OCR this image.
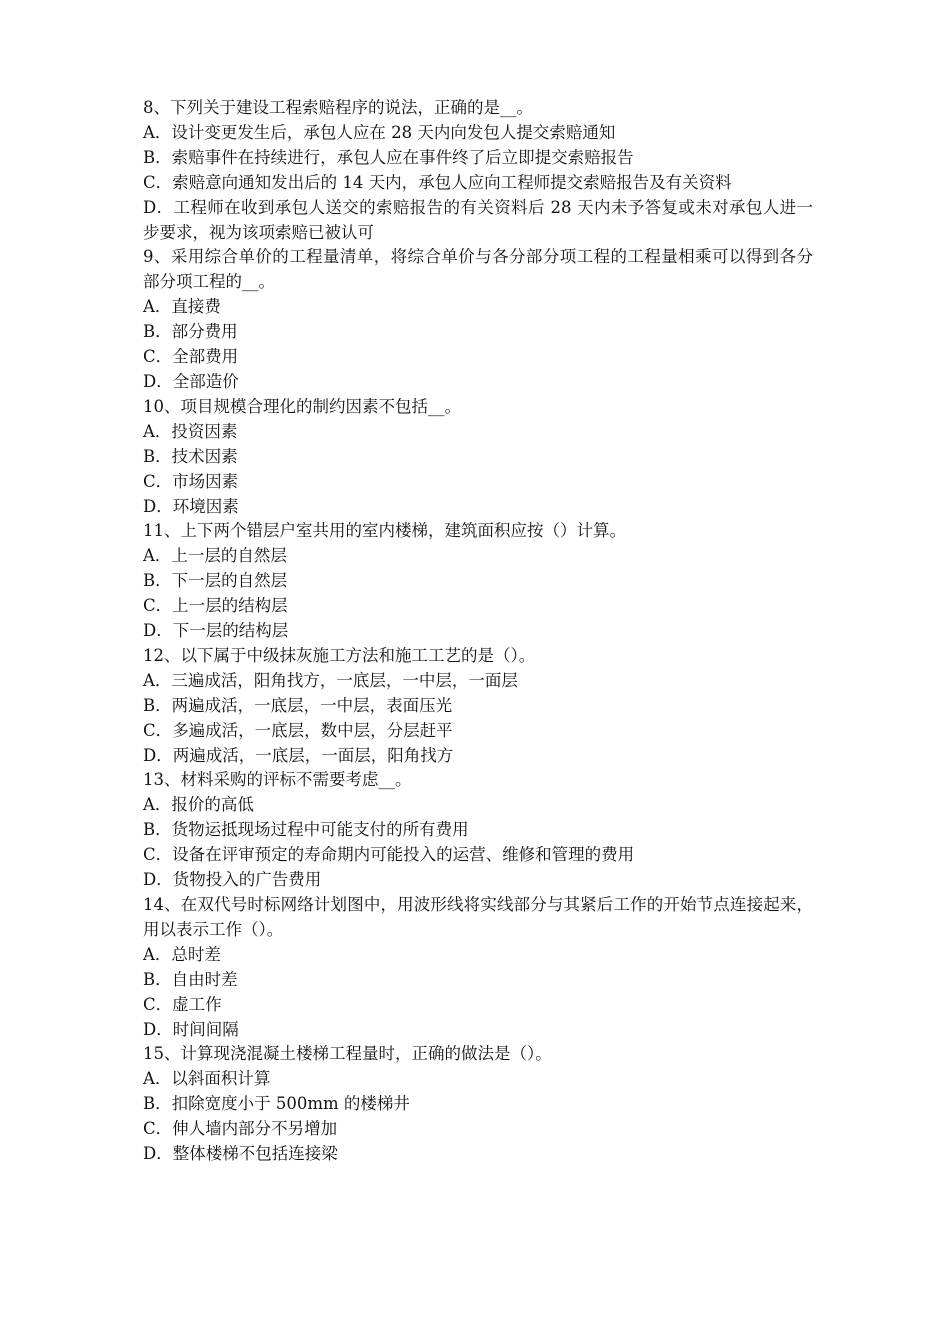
8、下列关于建设工程索赔程序的说法，正确的是__。

A．设计变更发生后，承包人应在 28 天内向发包人提交索赔通知

B．索赔事件在持续进行，承包人应在事件终了后立即提交索赔报告

C．索赔意向通知发出后的 14 天内，承包人应向工程师提交索赔报告及有关资料

D．工程师在收到承包人送交的索赔报告的有关资料后 28 天内未予答复或未对承包人进一步要求，视为该项索赔已被认可

9、采用综合单价的工程量清单，将综合单价与各分部分项工程的工程量相乘可以得到各分部分项工程的__。

A．直接费

B．部分费用

C．全部费用

D．全部造价

10、项目规模合理化的制约因素不包括__。

A．投资因素

B．技术因素

C．市场因素

D．环境因素

11、上下两个错层户室共用的室内楼梯，建筑面积应按（）计算。

A．上一层的自然层

B．下一层的自然层

C．上一层的结构层

D．下一层的结构层

12、以下属于中级抹灰施工方法和施工工艺的是（）。

A．三遍成活，阳角找方，一底层，一中层，一面层

B．两遍成活，一底层，一中层，表面压光

C．多遍成活，一底层，数中层，分层赶平

D．两遍成活，一底层，一面层，阳角找方

13、材料采购的评标不需要考虑__。

A．报价的高低

B．货物运抵现场过程中可能支付的所有费用

C．设备在评审预定的寿命期内可能投入的运营、维修和管理的费用

D．货物投入的广告费用

14、在双代号时标网络计划图中，用波形线将实线部分与其紧后工作的开始节点连接起来，用以表示工作（）。

A．总时差

B．自由时差

C．虚工作

D．时间间隔

15、计算现浇混凝土楼梯工程量时，正确的做法是（）。

A．以斜面积计算

B．扣除宽度小于 500mm 的楼梯井

C．伸人墙内部分不另增加

D．整体楼梯不包括连接梁
